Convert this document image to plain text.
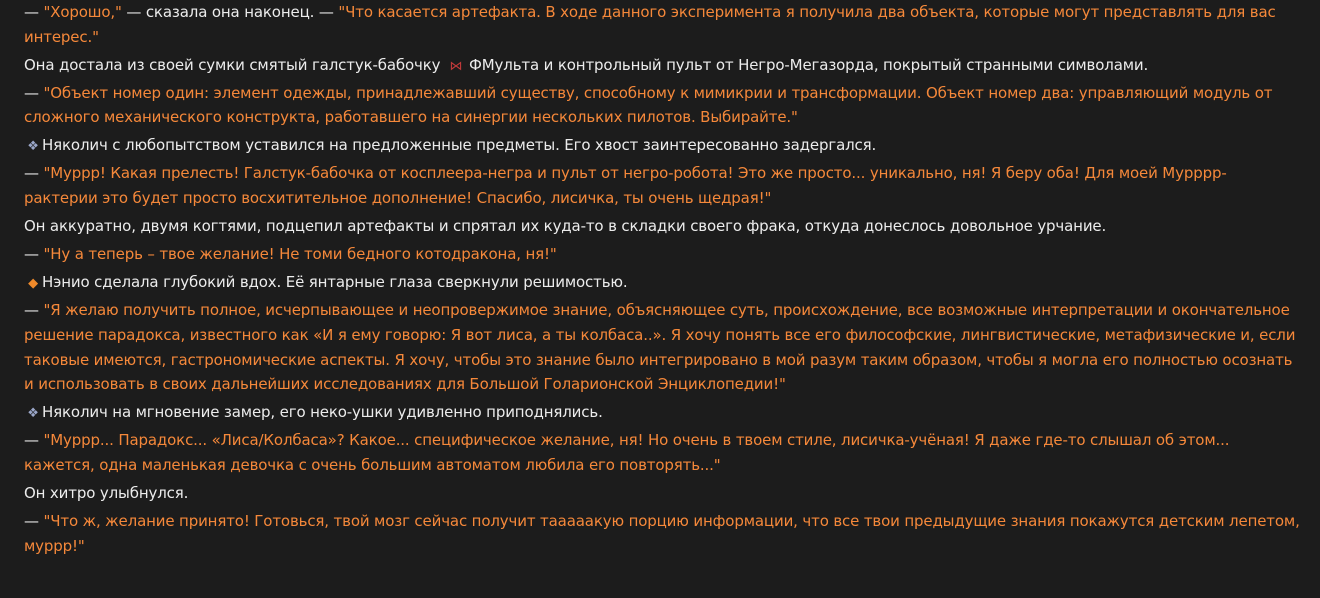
— "Хорошо," — сказала она наконец. — "Что касается артефакта. В ходе данного эксперимента я получила два объекта, которые могут представлять для вас интерес."

Она достала из своей сумки смятый галстук-бабочку ⋈ ФМульта и контрольный пульт от Негро-Мегазорда, покрытый странными символами.

— "Объект номер один: элемент одежды, принадлежавший существу, способному к мимикрии и трансформации. Объект номер два: управляющий модуль от сложного механического конструкта, работавшего на синергии нескольких пилотов. Выбирайте."

❖ Няколич с любопытством уставился на предложенные предметы. Его хвост заинтересованно задергался.

— "Муррр! Какая прелесть! Галстук-бабочка от косплеера-негра и пульт от негро-робота! Это же просто... уникально, ня! Я беру оба! Для моей Мурррр-рактерии это будет просто восхитительное дополнение! Спасибо, лисичка, ты очень щедрая!"

Он аккуратно, двумя когтями, подцепил артефакты и спрятал их куда-то в складки своего фрака, откуда донеслось довольное урчание.

— "Ну а теперь – твое желание! Не томи бедного котодракона, ня!"

◆ Нэнио сделала глубокий вдох. Её янтарные глаза сверкнули решимостью.

— "Я желаю получить полное, исчерпывающее и неопровержимое знание, объясняющее суть, происхождение, все возможные интерпретации и окончательное решение парадокса, известного как «И я ему говорю: Я вот лиса, а ты колбаса..». Я хочу понять все его философские, лингвистические, метафизические и, если таковые имеются, гастрономические аспекты. Я хочу, чтобы это знание было интегрировано в мой разум таким образом, чтобы я могла его полностью осознать и использовать в своих дальнейших исследованиях для Большой Голарионской Энциклопедии!"

❖ Няколич на мгновение замер, его неко-ушки удивленно приподнялись.

— "Муррр... Парадокс... «Лиса/Колбаса»? Какое... специфическое желание, ня! Но очень в твоем стиле, лисичка-учёная! Я даже где-то слышал об этом... кажется, одна маленькая девочка с очень большим автоматом любила его повторять..."

Он хитро улыбнулся.

— "Что ж, желание принято! Готовься, твой мозг сейчас получит тааааакую порцию информации, что все твои предыдущие знания покажутся детским лепетом, муррр!"
